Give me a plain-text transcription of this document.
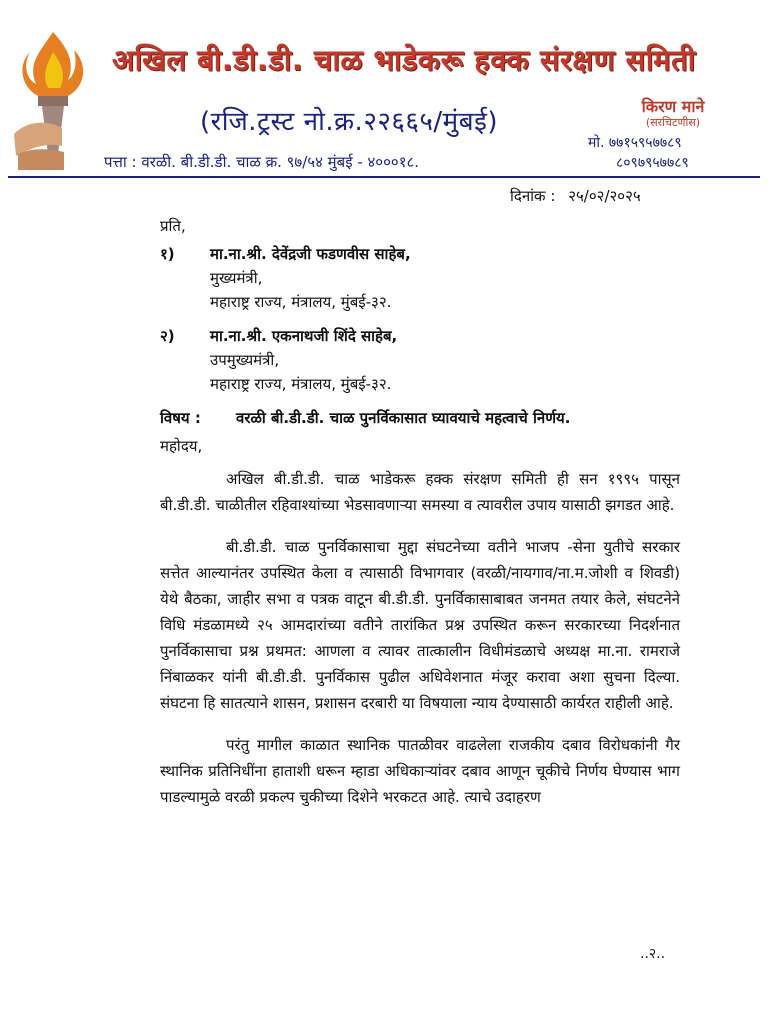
अखिल बी.डी.डी. चाळ भाडेकरू हक्क संरक्षण समिती
(रजि.ट्रस्ट नो.क्र.२२६६५/मुंबई)
किरण माने
(सरचिटणीस)
मो. ७७१५९५७७८९
८०९७९५७७८९
पत्ता : वरळी. बी.डी.डी. चाळ क्र. ९७/५४ मुंबई - ४०००१८.
दिनांक : २५/०२/२०२५
प्रति,
१)	मा.ना.श्री. देवेंद्रजी फडणवीस साहेब,
मुख्यमंत्री,
महाराष्ट्र राज्य, मंत्रालय, मुंबई-३२.
२)	मा.ना.श्री. एकनाथजी शिंदे साहेब,
उपमुख्यमंत्री,
महाराष्ट्र राज्य, मंत्रालय, मुंबई-३२.
विषय :	वरळी बी.डी.डी. चाळ पुनर्विकासात घ्यावयाचे महत्वाचे निर्णय.
महोदय,

अखिल बी.डी.डी. चाळ भाडेकरू हक्क संरक्षण समिती ही सन १९९५ पासून बी.डी.डी. चाळीतील रहिवाश्यांच्या भेडसावणाऱ्या समस्या व त्यावरील उपाय यासाठी झगडत आहे.

बी.डी.डी. चाळ पुनर्विकासाचा मुद्दा संघटनेच्या वतीने भाजप -सेना युतीचे सरकार सत्तेत आल्यानंतर उपस्थित केला व त्यासाठी विभागवार (वरळी/नायगाव/ना.म.जोशी व शिवडी) येथे बैठका, जाहीर सभा व पत्रक वाटून बी.डी.डी. पुनर्विकासाबाबत जनमत तयार केले, संघटनेने विधि मंडळामध्ये २५ आमदारांच्या वतीने तारांकित प्रश्न उपस्थित करून सरकारच्या निदर्शनात पुनर्विकासाचा प्रश्न प्रथमत: आणला व त्यावर तात्कालीन विधीमंडळाचे अध्यक्ष मा.ना. रामराजे निंबाळकर यांनी बी.डी.डी. पुनर्विकास पुढील अधिवेशनात मंजूर करावा अशा सुचना दिल्या. संघटना हि सातत्याने शासन, प्रशासन दरबारी या विषयाला न्याय देण्यासाठी कार्यरत राहीली आहे.

परंतु मागील काळात स्थानिक पातळीवर वाढलेला राजकीय दबाव विरोधकांनी गैर स्थानिक प्रतिनिधींना हाताशी धरून म्हाडा अधिकाऱ्यांवर दबाव आणून चूकीचे निर्णय घेण्यास भाग पाडल्यामुळे वरळी प्रकल्प चुकीच्या दिशेने भरकटत आहे. त्याचे उदाहरण

..२..
